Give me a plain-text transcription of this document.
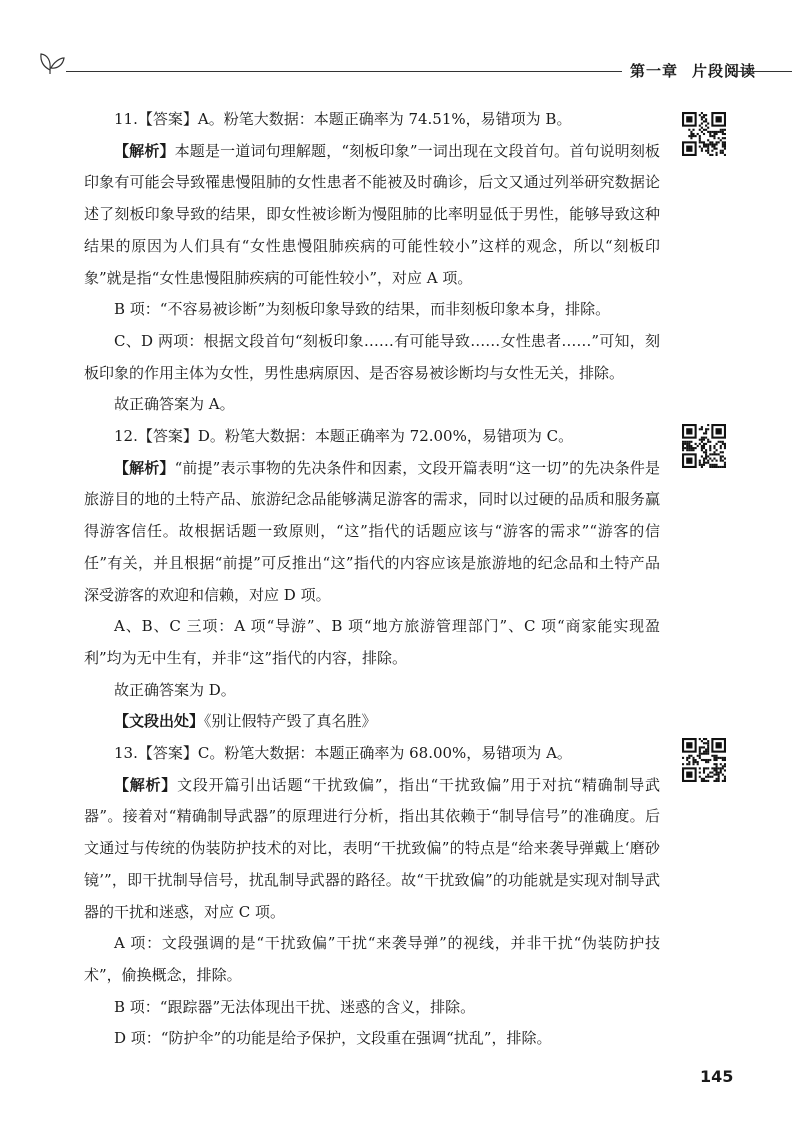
第一章 片段阅读

11.【答案】A。粉笔大数据：本题正确率为 74.51%，易错项为 B。

【解析】本题是一道词句理解题，“刻板印象”一词出现在文段首句。首句说明刻板印象有可能会导致罹患慢阻肺的女性患者不能被及时确诊，后文又通过列举研究数据论述了刻板印象导致的结果，即女性被诊断为慢阻肺的比率明显低于男性，能够导致这种结果的原因为人们具有“女性患慢阻肺疾病的可能性较小”这样的观念，所以“刻板印象”就是指“女性患慢阻肺疾病的可能性较小”，对应 A 项。

B 项：“不容易被诊断”为刻板印象导致的结果，而非刻板印象本身，排除。

C、D 两项：根据文段首句“刻板印象……有可能导致……女性患者……”可知，刻板印象的作用主体为女性，男性患病原因、是否容易被诊断均与女性无关，排除。

故正确答案为 A。

12.【答案】D。粉笔大数据：本题正确率为 72.00%，易错项为 C。

【解析】“前提”表示事物的先决条件和因素，文段开篇表明“这一切”的先决条件是旅游目的地的土特产品、旅游纪念品能够满足游客的需求，同时以过硬的品质和服务赢得游客信任。故根据话题一致原则，“这”指代的话题应该与“游客的需求”“游客的信任”有关，并且根据“前提”可反推出“这”指代的内容应该是旅游地的纪念品和土特产品深受游客的欢迎和信赖，对应 D 项。

A、B、C 三项：A 项“导游”、B 项“地方旅游管理部门”、C 项“商家能实现盈利”均为无中生有，并非“这”指代的内容，排除。

故正确答案为 D。

【文段出处】《别让假特产毁了真名胜》

13.【答案】C。粉笔大数据：本题正确率为 68.00%，易错项为 A。

【解析】文段开篇引出话题“干扰致偏”，指出“干扰致偏”用于对抗“精确制导武器”。接着对“精确制导武器”的原理进行分析，指出其依赖于“制导信号”的准确度。后文通过与传统的伪装防护技术的对比，表明“干扰致偏”的特点是“给来袭导弹戴上‘磨砂镜’”，即干扰制导信号，扰乱制导武器的路径。故“干扰致偏”的功能就是实现对制导武器的干扰和迷惑，对应 C 项。

A 项：文段强调的是“干扰致偏”干扰“来袭导弹”的视线，并非干扰“伪装防护技术”，偷换概念，排除。

B 项：“跟踪器”无法体现出干扰、迷惑的含义，排除。

D 项：“防护伞”的功能是给予保护，文段重在强调“扰乱”，排除。

145
